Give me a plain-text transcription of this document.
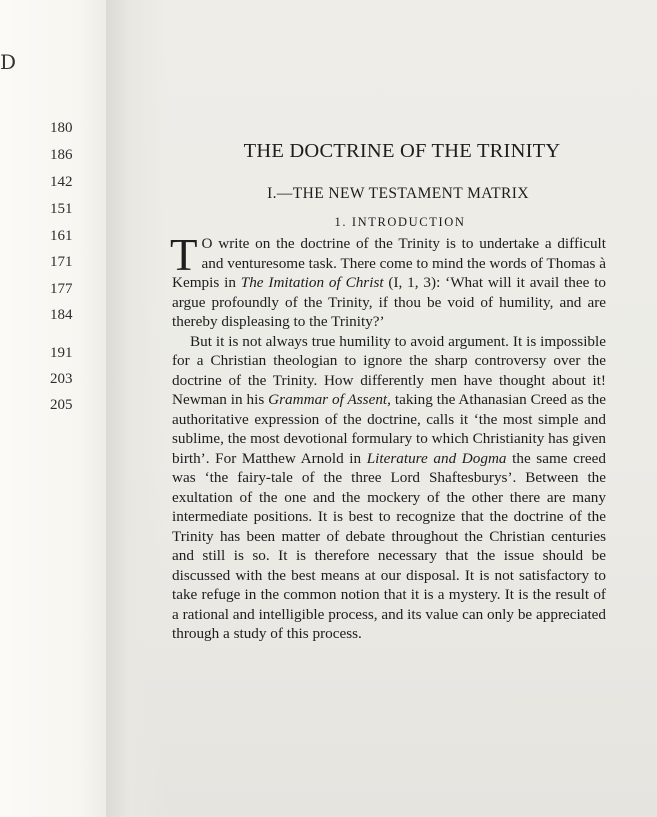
D
180
186
142
151
161
171
177
184
191
203
205
THE DOCTRINE OF THE TRINITY
I.—THE NEW TESTAMENT MATRIX
1. INTRODUCTION

T O write on the doctrine of the Trinity is to undertake a difficult and venturesome task. There come to mind the words of Thomas à Kempis in The Imitation of Christ (I, 1, 3): ‘What will it avail thee to argue profoundly of the Trinity, if thou be void of humility, and are thereby displeasing to the Trinity?’

But it is not always true humility to avoid argument. It is impossible for a Christian theologian to ignore the sharp controversy over the doctrine of the Trinity. How differently men have thought about it! Newman in his Grammar of Assent, taking the Athanasian Creed as the authoritative expression of the doctrine, calls it ‘the most simple and sublime, the most devotional formulary to which Christianity has given birth’. For Matthew Arnold in Literature and Dogma the same creed was ‘the fairy-tale of the three Lord Shaftesburys’. Between the exultation of the one and the mockery of the other there are many intermediate positions. It is best to recognize that the doctrine of the Trinity has been matter of debate throughout the Christian centuries and still is so. It is therefore necessary that the issue should be discussed with the best means at our disposal. It is not satisfactory to take refuge in the common notion that it is a mystery. It is the result of a rational and intelligible process, and its value can only be appreciated through a study of this process.
